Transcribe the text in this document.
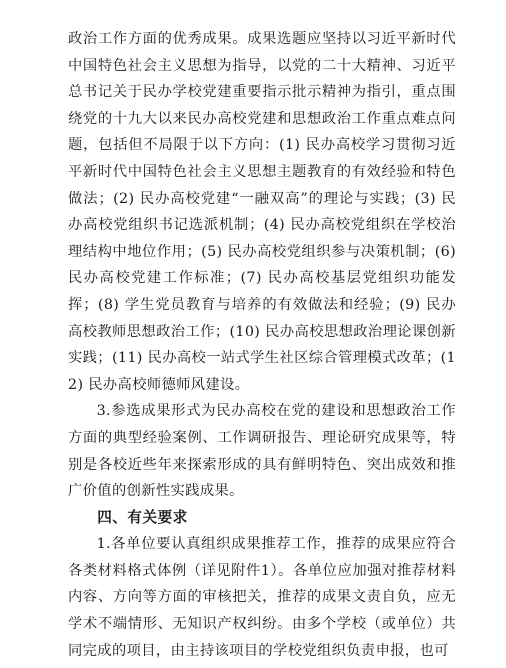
政治工作方面的优秀成果。成果选题应坚持以习近平新时代中国特色社会主义思想为指导，以党的二十大精神、习近平总书记关于民办学校党建重要指示批示精神为指引，重点围绕党的十九大以来民办高校党建和思想政治工作重点难点问题，包括但不局限于以下方向：(1) 民办高校学习贯彻习近平新时代中国特色社会主义思想主题教育的有效经验和特色做法；(2) 民办高校党建“一融双高”的理论与实践；(3) 民办高校党组织书记选派机制；(4) 民办高校党组织在学校治理结构中地位作用；(5) 民办高校党组织参与决策机制；(6) 民办高校党建工作标准；(7) 民办高校基层党组织功能发挥；(8) 学生党员教育与培养的有效做法和经验；(9) 民办高校教师思想政治工作；(10) 民办高校思想政治理论课创新实践；(11) 民办高校一站式学生社区综合管理模式改革；(12) 民办高校师德师风建设。

3.参选成果形式为民办高校在党的建设和思想政治工作方面的典型经验案例、工作调研报告、理论研究成果等，特别是各校近些年来探索形成的具有鲜明特色、突出成效和推广价值的创新性实践成果。

四、有关要求

1.各单位要认真组织成果推荐工作，推荐的成果应符合各类材料格式体例（详见附件1）。各单位应加强对推荐材料内容、方向等方面的审核把关，推荐的成果文责自负，应无学术不端情形、无知识产权纠纷。由多个学校（或单位）共同完成的项目，由主持该项目的学校党组织负责申报，也可
